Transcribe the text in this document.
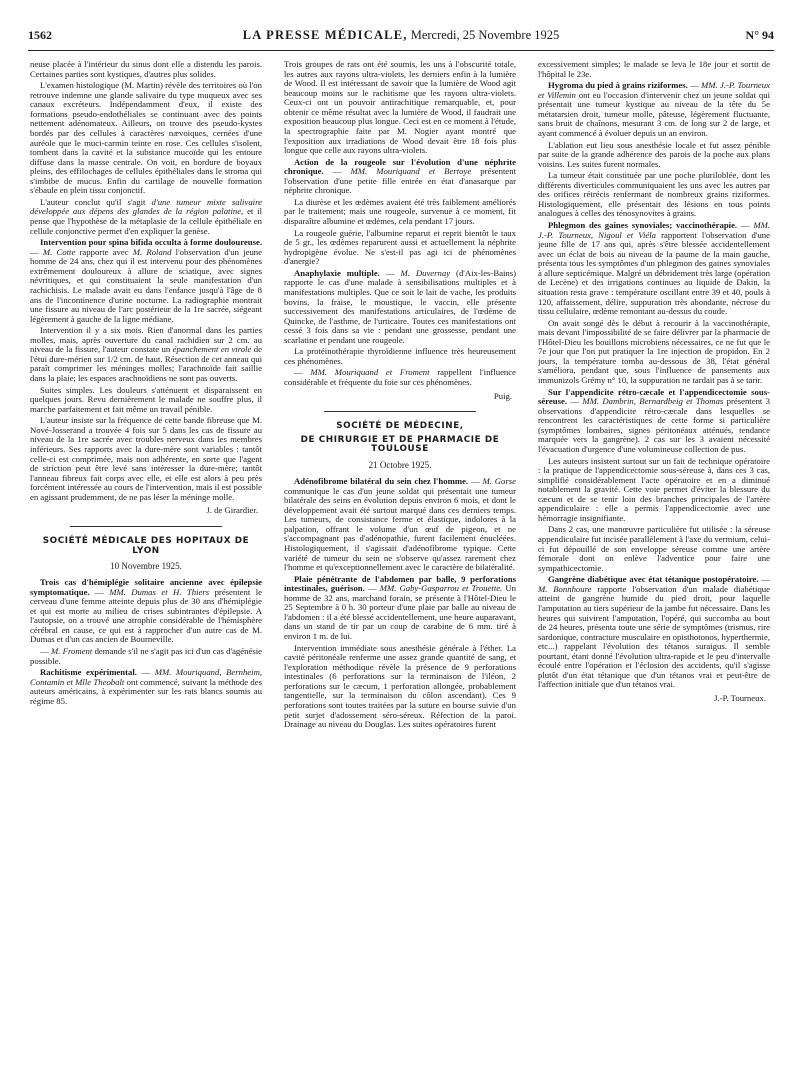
1562	LA PRESSE MÉDICALE, Mercredi, 25 Novembre 1925	N° 94

neuse placée à l'intérieur du sinus dont elle a distendu les parois. Certaines parties sont kystiques, d'autres plus solides.

L'examen histologique (M. Martin) révèle des territoires où l'on retrouve indemne une glande salivaire du type muqueux avec ses canaux excréteurs. Indépendamment d'eux, il existe des formations pseudo-endothéliales se continuant avec des points nettement adénomateux. Ailleurs, on trouve des pseudo-kystes bordés par des cellules à caractères nævoiques, cernées d'une auréole que le muci-carmin teinte en rose. Ces cellules s'isolent, tombent dans la cavité et la substance mucoïde qui les entoure diffuse dans la masse centrale. On voit, en bordure de boyaux pleins, des effilochages de cellules épithéliales dans le stroma qui s'imbibe de mucus. Enfin du cartilage de nouvelle formation s'ébaule en plein tissu conjonctif.

L'auteur conclut qu'il s'agit d'une tumeur mixte salivaire développée aux dépens des glandes de la région palatine, et il pense que l'hypothèse de la métaplasie de la cellule épithéliale en cellule conjonctive permet d'en expliquer la genèse.

Intervention pour spina bifida occulta à forme douloureuse. — M. Cotte rapporte avec M. Roland l'observation d'un jeune homme de 24 ans, chez qui il est intervenu pour des phénomènes extrêmement douloureux à allure de sciatique, avec signes névritiques, et qui constituaient la seule manifestation d'un rachichisis. Le malade avait eu dans l'enfance jusqu'à l'âge de 8 ans de l'incontinence d'urine nocturne. La radiographie montrait une fissure au niveau de l'arc postérieur de la 1re sacrée, siégeant légèrement à gauche de la ligne médiane.

Intervention il y a six mois. Rien d'anormal dans les parties molles, mais, après ouverture du canal rachidien sur 2 cm. au niveau de la fissure, l'auteur constate un épanchement en virole de l'étui dure-mérien sur 1/2 cm. de haut. Résection de cet anneau qui paraît comprimer les méninges molles; l'arachnoïde fait saillie dans la plaie; les espaces arachnoïdiens ne sont pas ouverts.

Suites simples. Les douleurs s'atténuent et disparaissent en quelques jours. Revu dernièrement le malade ne souffre plus, il marche parfaitement et fait même un travail pénible.

L'auteur insiste sur la fréquence de cette bande fibreuse que M. Nové-Josserand a trouvée 4 fois sur 5 dans les cas de fissure au niveau de la 1re sacrée avec troubles nerveux dans les membres inférieurs. Ses rapports avec la dure-mère sont variables : tantôt celle-ci est comprimée, mais non adhérente, en sorte que l'agent de striction peut être levé sans intéresser la dure-mère; tantôt l'anneau fibreux fait corps avec elle, et elle est alors à peu près forcément intéressée au cours de l'intervention, mais il est possible en agissant prudemment, de ne pas léser la méninge molle.

J. de Girardier.

SOCIÉTÉ MÉDICALE DES HOPITAUX DE LYON

10 Novembre 1925.

Trois cas d'hémiplégie solitaire ancienne avec épilepsie symptomatique. — MM. Dumas et H. Thiers présentent le cerveau d'une femme atteinte depuis plus de 30 ans d'hémiplégie et qui est morte au milieu de crises subintrantes d'épilepsie. A l'autopsie, on a trouvé une atrophie considérable de l'hémisphère cérébral en cause, ce qui est à rapprocher d'un autre cas de M. Dumas et d'un cas ancien de Bourneville.

— M. Froment demande s'il ne s'agit pas ici d'un cas d'agénésie possible.

Rachitisme expérimental. — MM. Mouriquand, Bernheim, Contamin et Mlle Theobalt ont commencé, suivant la méthode des auteurs américains, à expérimenter sur les rats blancs soumis au régime 85.

Trois groupes de rats ont été soumis, les uns à l'obscurité totale, les autres aux rayons ultra-violets, les derniers enfin à la lumière de Wood. Il est intéressant de savoir que la lumière de Wood agit beaucoup moins sur le rachitisme que les rayons ultra-violets. Ceux-ci ont un pouvoir antirachitique remarquable, et, pour obtenir ce même résultat avec la lumière de Wood, il faudrait une exposition beaucoup plus longue. Ceci est en ce moment à l'étude, la spectrographie faite par M. Nogier ayant montré que l'exposition aux irradiations de Wood devait être 18 fois plus longue que celle aux rayons ultra-violets.

Action de la rougeole sur l'évolution d'une néphrite chronique. — MM. Mouriquand et Bertoye présentent l'observation d'une petite fille entrée en état d'anasarque par néphrite chronique.

La diurèse et les œdèmes avaient été très faiblement améliorés par le traitement; mais une rougeole, survenue à ce moment, fit disparaître albumine et œdèmes, cela pendant 17 jours.

La rougeole guérie, l'albumine reparut et reprit bientôt le taux de 5 gr., les œdèmes reparurent aussi et actuellement la néphrite hydropigène évolue. Ne s'est-il pas agi ici de phénomènes d'anergie?

Anaphylaxie multiple. — M. Duvernay (d'Aix-les-Bains) rapporte le cas d'une malade à sensibilisations multiples et à manifestations multiples. Que ce soit le lait de vache, les produits bovins, la fraise, le moustique, le vaccin, elle présente successivement des manifestations articulaires, de l'œdème de Quincke, de l'asthme, de l'urticaire. Toutes ces manifestations ont cessé 3 fois dans sa vie : pendant une grossesse, pendant une scarlatine et pendant une rougeole.

La protéinothérapie thyroïdienne influence très heureusement ces phénomènes.

— MM. Mouriquand et Froment rappellent l'influence considérable et fréquente du foie sur ces phénomènes.

Puig.

SOCIÉTÉ DE MÉDECINE,

DE CHIRURGIE ET DE PHARMACIE DE TOULOUSE

21 Octobre 1925.

Adénofibrome bilatéral du sein chez l'homme. — M. Gorse communique le cas d'un jeune soldat qui présentait une tumeur bilatérale des seins en évolution depuis environ 6 mois, et dont le développement avait été surtout marqué dans ces derniers temps. Les tumeurs, de consistance ferme et élastique, indolores à la palpation, offrant le volume d'un œuf de pigeon, et ne s'accompagnant pas d'adénopathie, furent facilement énucléées. Histologiquement, il s'agissait d'adénofibrome typique. Cette variété de tumeur du sein ne s'observe qu'assez rarement chez l'homme et qu'exceptionnellement avec le caractère de bilatéralité.

Plaie pénétrante de l'abdomen par balle, 9 perforations intestinales, guérison. — MM. Gaby-Gasparrou et Trouette. Un homme de 32 ans, marchand forain, se présente à l'Hôtel-Dieu le 25 Septembre à 0 h. 30 porteur d'une plaie par balle au niveau de l'abdomen : il a été blessé accidentellement, une heure auparavant, dans un stand de tir par un coup de carabine de 6 mm. tiré à environ 1 m. de lui.

Intervention immédiate sous anesthésie générale à l'éther. La cavité péritonéale renferme une assez grande quantité de sang, et l'exploration méthodique révèle la présence de 9 perforations intestinales (6 perforations sur la terminaison de l'iléon, 2 perforations sur le cæcum, 1 perforation allongée, probablement tangentielle, sur la terminaison du côlon ascendant). Ces 9 perforations sont toutes traitées par la suture en bourse suivie d'un petit surjet d'adossement séro-séreux. Réfection de la paroi. Drainage au niveau du Douglas. Les suites opératoires furent

excessivement simples; le malade se leva le 18e jour et sortit de l'hôpital le 23e.

Hygroma du pied à grains riziformes. — MM. J.-P. Tourneux et Villemin ont eu l'occasion d'intervenir chez un jeune soldat qui présentait une tumeur kystique au niveau de la tête du 5e métatarsien droit, tumeur molle, pâteuse, légèrement fluctuante, sans bruit de chaînons, mesurant 3 cm. de long sur 2 de large, et ayant commencé à évoluer depuis un an environ.

L'ablation eut lieu sous anesthésie locale et fut assez pénible par suite de la grande adhérence des parois de la poche aux plans voisins. Les suites furent normales.

La tumeur était constituée par une poche pluriloblée, dont les différents diverticules communiquaient les uns avec les autres par des orifices rétrécis renfermant de nombreux grains riziformes. Histologiquement, elle présentait des lésions en tous points analogues à celles des ténosynovites à grains.

Phlegmon des gaines synoviales; vaccinothérapie. — MM. J.-P. Tourneux, Nigoul et Viéla rapportent l'observation d'une jeune fille de 17 ans qui, après s'être blessée accidentellement avec un éclat de bois au niveau de la paume de la main gauche, présenta tous les symptômes d'un phlegmon des gaines synoviales à allure septicémique. Malgré un débridement très large (opération de Lecène) et des irrigations continues au liquide de Dakin, la situation resta grave : température oscillant entre 39 et 40, pouls à 120, affaissement, délire, suppuration très abondante, nécrose du tissu cellulaire, œdème remontant au-dessus du coude.

On avait songé dès le début à recourir à la vaccinothérapie, mais devant l'impossibilité de se faire délivrer par la pharmacie de l'Hôtel-Dieu les bouillons microbiens nécessaires, ce ne fut que le 7e jour que l'on put pratiquer la 1re injection de propidon. En 2 jours, la température tomba au-dessous de 38, l'état général s'améliora, pendant que, sous l'influence de pansements aux immunizols Grémy n° 10, la suppuration ne tardait pas à se tarir.

Sur l'appendicite rétro-cæcale et l'appendicectomie sous-séreuse. — MM. Dambrin, Bernardbeig et Thomas présentent 3 observations d'appendicite rétro-cæcale dans lesquelles se rencontrent les caractéristiques de cette forme si particulière (symptômes lombaires, signes péritonéaux atténués, tendance marquée vers la gangrène). 2 cas sur les 3 avaient nécessité l'évacuation d'urgence d'une volumineuse collection de pus.

Les auteurs insistent surtout sur un fait de technique opératoire : la pratique de l'appendicectomie sous-séreuse à, dans ces 3 cas, simplifié considérablement l'acte opératoire et en a diminué notablement la gravité. Cette voie permet d'éviter la blessure du cæcum et de se tenir loin des branches principales de l'artère appendiculaire : elle a permis l'appendicectomie avec une hémorragie insignifiante.

Dans 2 cas, une manœuvre particulière fut utilisée : la séreuse appendiculaire fut incisée parallèlement à l'axe du vermium, celui-ci fut dépouillé de son enveloppe séreuse comme une artère fémorale dont on enlève l'adventice pour faire une sympathicectomie.

Gangrène diabétique avec état tétanique postopératoire. — M. Bonnhoure rapporte l'observation d'un malade diabétique atteint de gangrène humide du pied droit, pour laquelle l'amputation au tiers supérieur de la jambe fut nécessaire. Dans les heures qui suivirent l'amputation, l'opéré, qui succomba au bout de 24 heures, présenta toute une série de symptômes (trismus, rire sardonique, contracture musculaire en opisthotonos, hyperthermie, etc...) rappelant l'évolution des tétanos suraigus. Il semble pourtant, étant donné l'évolution ultra-rapide et le peu d'intervalle écoulé entre l'opération et l'éclosion des accidents, qu'il s'agisse plutôt d'un état tétanique que d'un tétanos vrai et peut-être de l'affection initiale que d'un tétanos vrai.

J.-P. Tourneux.
